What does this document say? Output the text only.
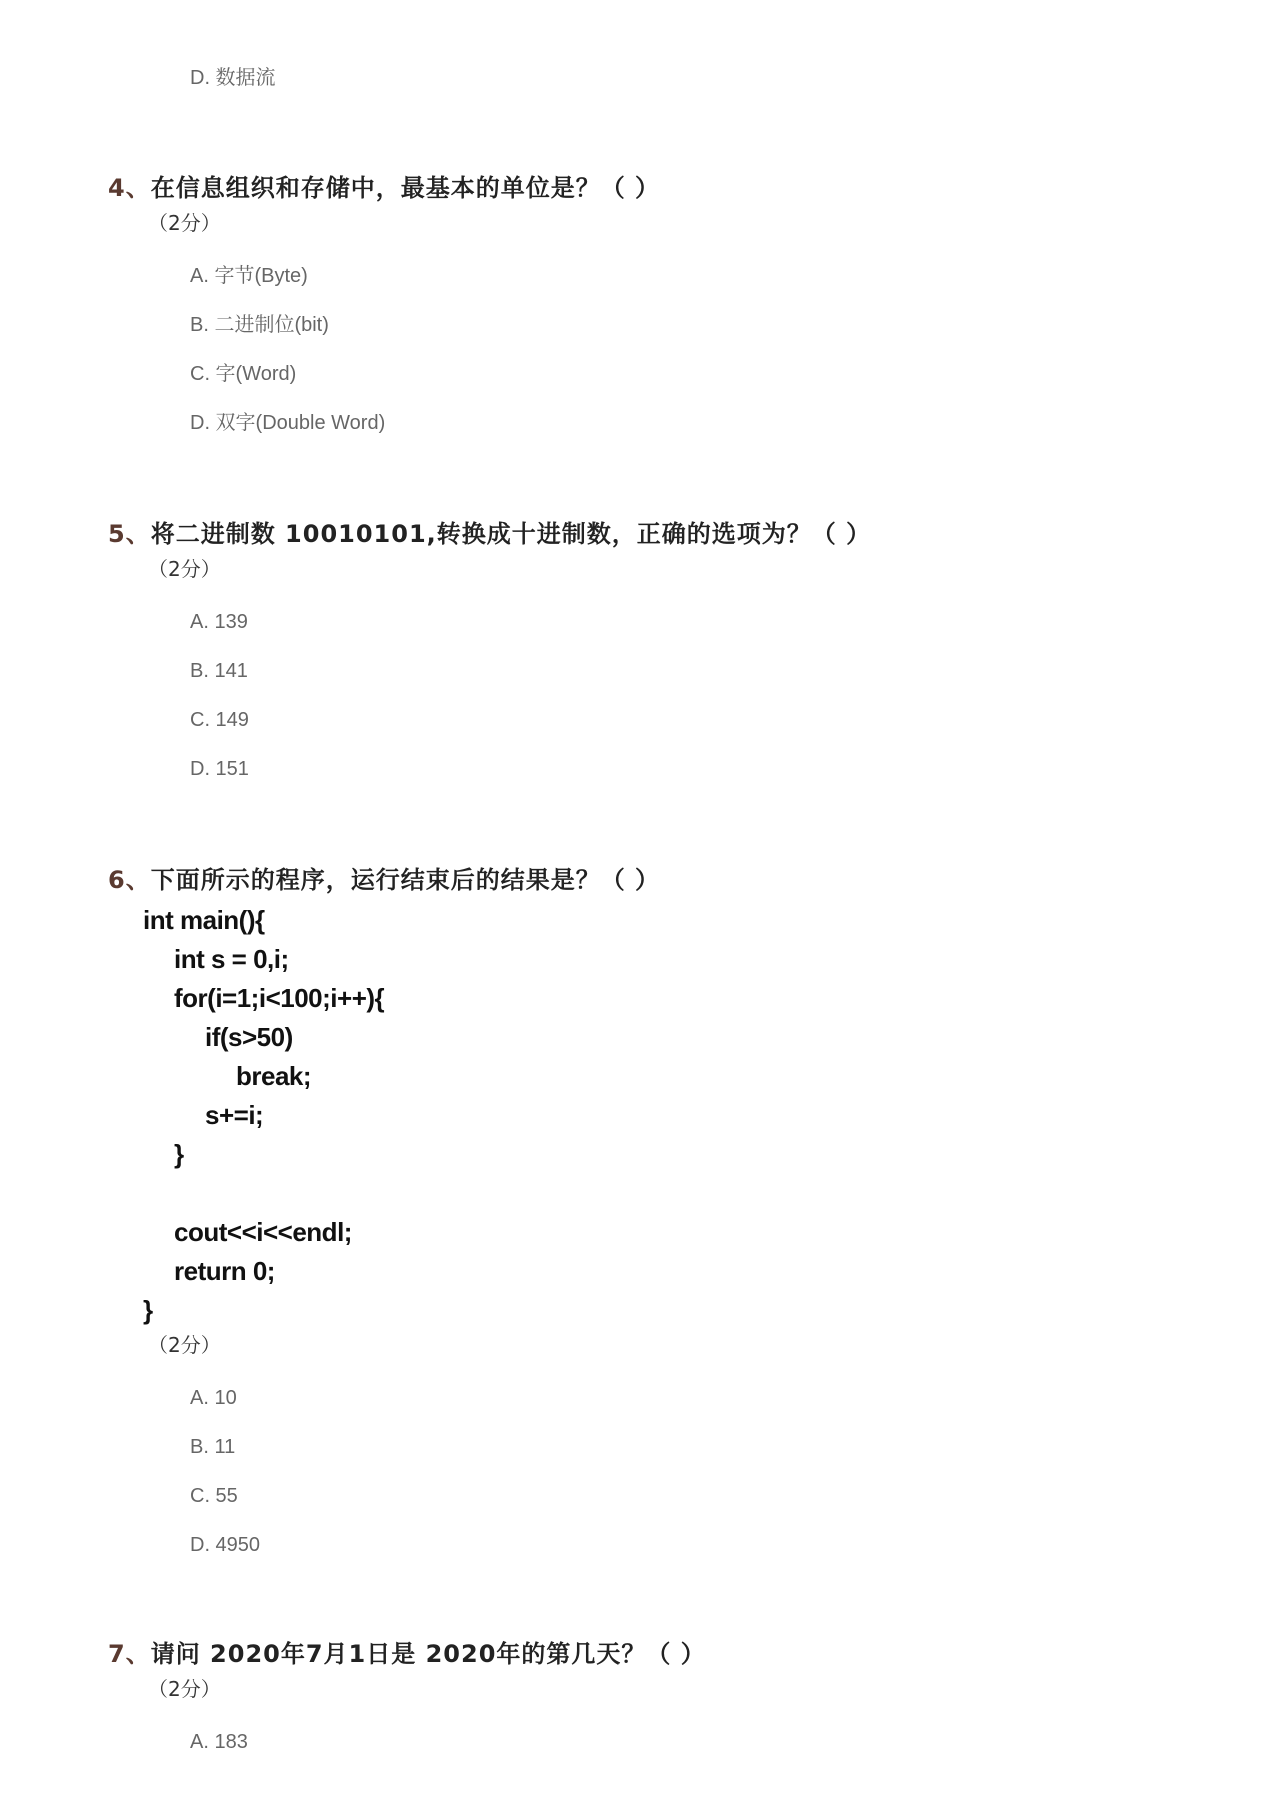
D. 数据流
4、在信息组织和存储中，最基本的单位是？（ ）
（2分）
A. 字节(Byte)
B. 二进制位(bit)
C. 字(Word)
D. 双字(Double Word)
5、将二进制数 10010101,转换成十进制数，正确的选项为？（ ）
（2分）
A. 139
B. 141
C. 149
D. 151
6、下面所示的程序，运行结束后的结果是？（ ）
int main(){
int s = 0,i;
for(i=1;i<100;i++){
if(s>50)
break;
s+=i;
}
cout<<i<<endl;
return 0;
}
（2分）
A. 10
B. 11
C. 55
D. 4950
7、请问 2020年7月1日是 2020年的第几天？（ ）
（2分）
A. 183
